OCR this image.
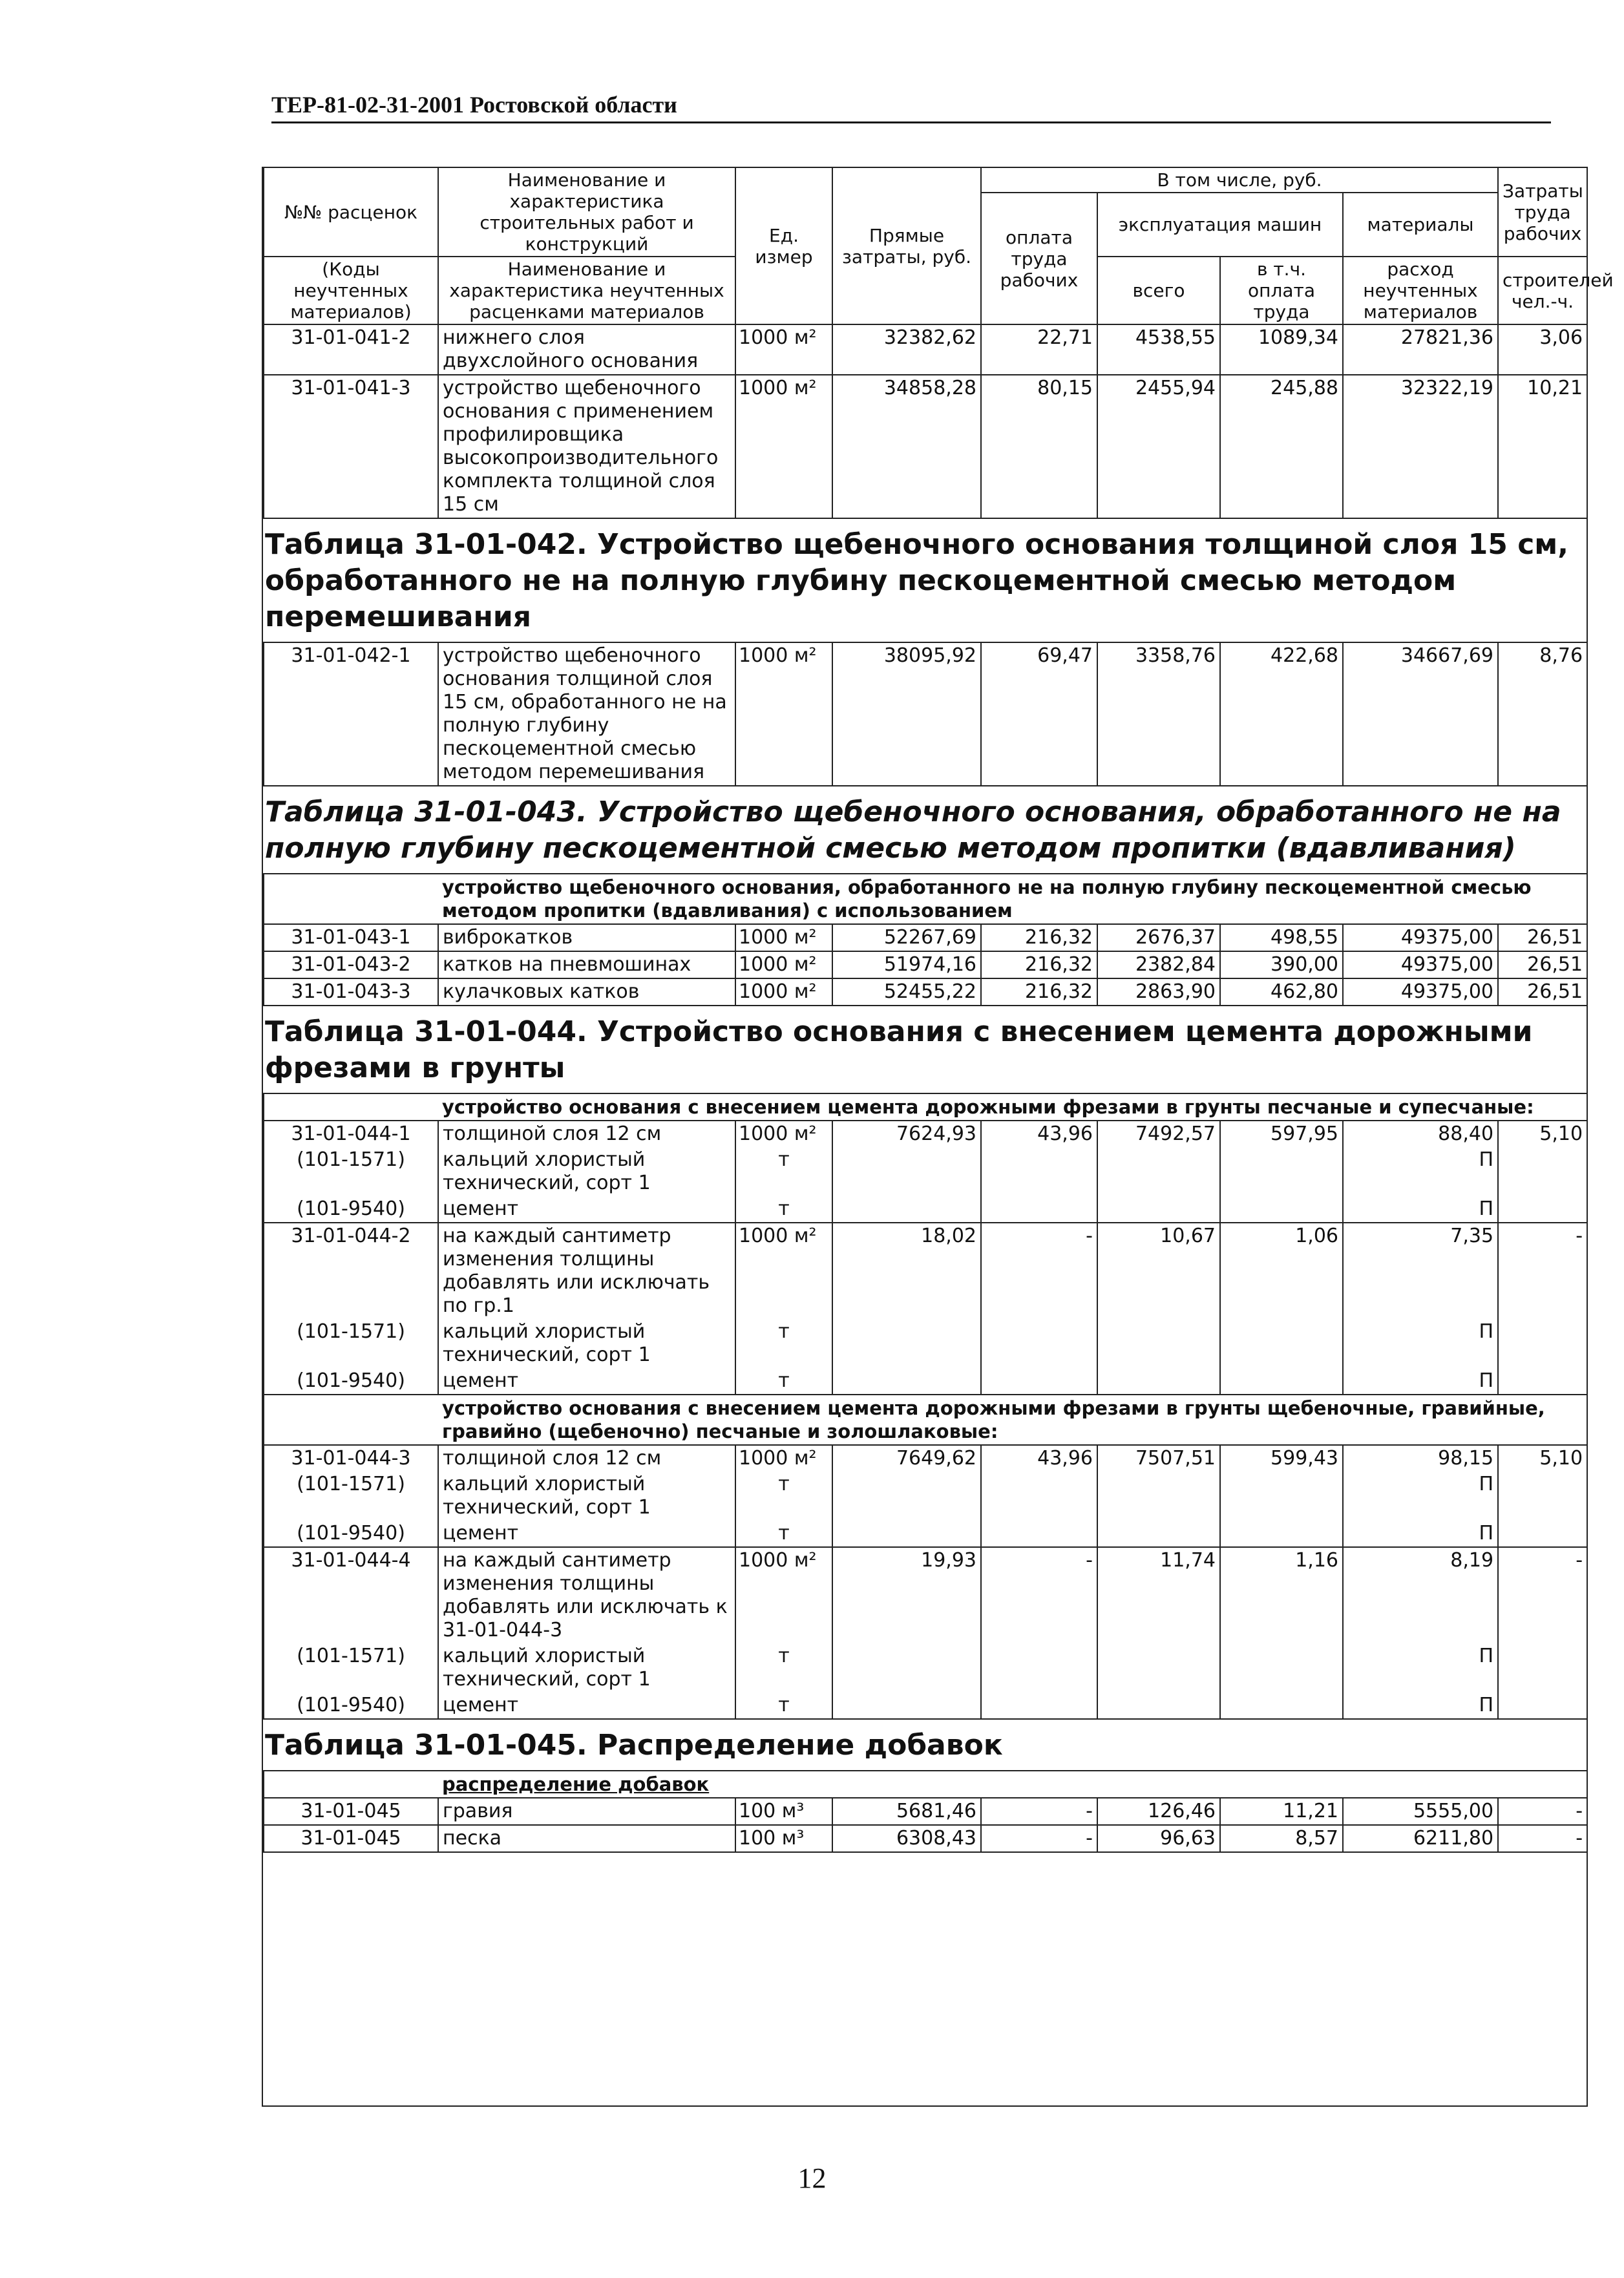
ТЕР-81-02-31-2001 Ростовской области
№№ расценок	Наименование и характеристика строительных работ и конструкций	Ед. измер	Прямые затраты, руб.	В том числе, руб.				Затраты труда рабочих
				оплата труда рабочих	эксплуатация машин		материалы	
(Коды неучтенных материалов)	Наименование и характеристика неучтенных расценками материалов				всего	в т.ч. оплата труда	расход неучтенных материалов	строителей чел.-ч.
31-01-041-2	нижнего слоя двухслойного основания	1000 м²	32382,62	22,71	4538,55	1089,34	27821,36	3,06
31-01-041-3	устройство щебеночного основания с применением профилировщика высокопроизводительного комплекта толщиной слоя 15 см	1000 м²	34858,28	80,15	2455,94	245,88	32322,19	10,21
Таблица 31-01-042. Устройство щебеночного основания толщиной слоя 15 см, обработанного не на полную глубину пескоцементной смесью методом перемешивания								
31-01-042-1	устройство щебеночного основания толщиной слоя 15 см, обработанного не на полную глубину пескоцементной смесью методом перемешивания	1000 м²	38095,92	69,47	3358,76	422,68	34667,69	8,76
Таблица 31-01-043. Устройство щебеночного основания, обработанного не на полную глубину пескоцементной смесью методом пропитки (вдавливания)								
	устройство щебеночного основания, обработанного не на полную глубину пескоцементной смесью методом пропитки (вдавливания) с использованием							
31-01-043-1	виброкатков	1000 м²	52267,69	216,32	2676,37	498,55	49375,00	26,51
31-01-043-2	катков на пневмошинах	1000 м²	51974,16	216,32	2382,84	390,00	49375,00	26,51
31-01-043-3	кулачковых катков	1000 м²	52455,22	216,32	2863,90	462,80	49375,00	26,51
Таблица 31-01-044. Устройство основания с внесением цемента дорожными фрезами в грунты								
	устройство основания с внесением цемента дорожными фрезами в грунты песчаные и супесчаные:							
31-01-044-1	толщиной слоя 12 см	1000 м²	7624,93	43,96	7492,57	597,95	88,40	5,10
(101-1571)	кальций хлористый технический, сорт 1	т					П	
(101-9540)	цемент	т					П	
31-01-044-2	на каждый сантиметр изменения толщины добавлять или исключать по гр.1	1000 м²	18,02	-	10,67	1,06	7,35	-
(101-1571)	кальций хлористый технический, сорт 1	т					П	
(101-9540)	цемент	т					П	
	устройство основания с внесением цемента дорожными фрезами в грунты щебеночные, гравийные, гравийно (щебеночно) песчаные и золошлаковые:							
31-01-044-3	толщиной слоя 12 см	1000 м²	7649,62	43,96	7507,51	599,43	98,15	5,10
(101-1571)	кальций хлористый технический, сорт 1	т					П	
(101-9540)	цемент	т					П	
31-01-044-4	на каждый сантиметр изменения толщины добавлять или исключать к 31-01-044-3	1000 м²	19,93	-	11,74	1,16	8,19	-
(101-1571)	кальций хлористый технический, сорт 1	т					П	
(101-9540)	цемент	т					П	
Таблица 31-01-045. Распределение добавок								
	распределение добавок							
31-01-045	гравия	100 м³	5681,46	-	126,46	11,21	5555,00	-
31-01-045	песка	100 м³	6308,43	-	96,63	8,57	6211,80	-
12
